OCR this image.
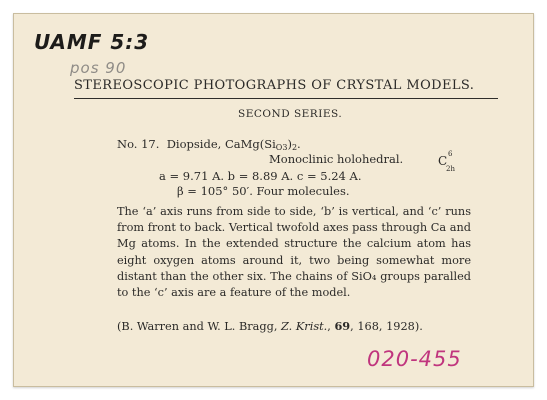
UAMF 5:3
pos 90
STEREOSCOPIC PHOTOGRAPHS OF CRYSTAL MODELS.
SECOND SERIES.
No. 17. Diopside, $CaMg(Si_{O3})_2$.
Monoclinic holohedral.	C 6
2h
a = 9.71 A. b = 8.89 A. c = 5.24 A.
β = 105° 50′. Four molecules.
The ‘a’ axis runs from side to side, ‘b’ is vertical, and ‘c’ runs from front to back. Vertical twofold axes pass through Ca and Mg atoms. In the extended structure the calcium atom has eight oxygen atoms around it, two being somewhat more distant than the other six. The chains of SiO₄ groups paralled to the ‘c’ axis are a feature of the model.
(B. Warren and W. L. Bragg, Z. Krist., 69, 168, 1928).
020-455
